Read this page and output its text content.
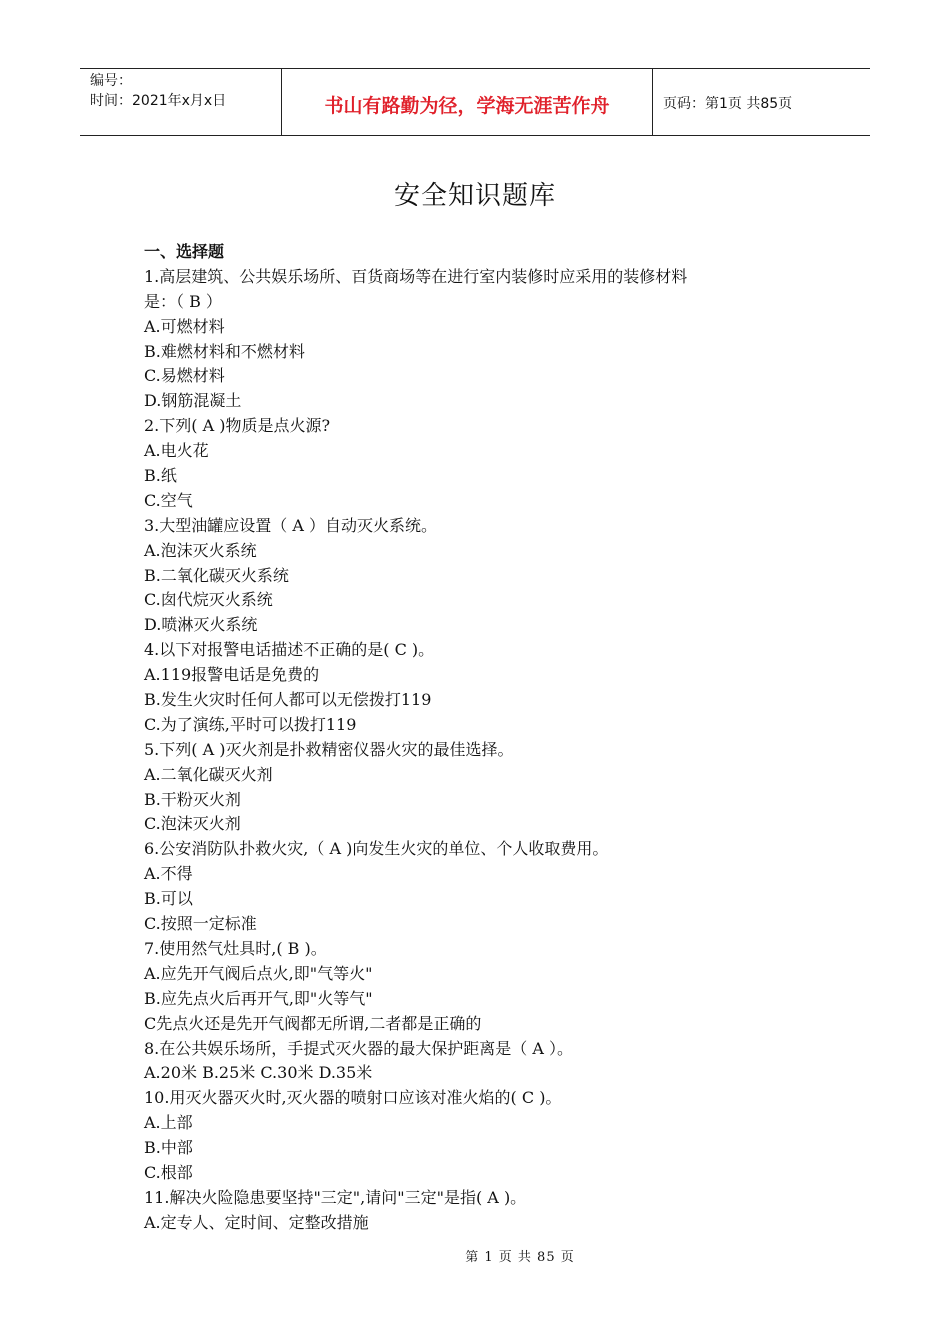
编号：
时间：2021年x月x日	书山有路勤为径，学海无涯苦作舟	页码：第1页 共85页
安全知识题库
一、选择题
1.高层建筑、公共娱乐场所、百货商场等在进行室内装修时应采用的装修材料
是：（ B ）
A.可燃材料
B.难燃材料和不燃材料
C.易燃材料
D.钢筋混凝土
2.下列( A )物质是点火源?
A.电火花
B.纸
C.空气
3.大型油罐应设置（ A ）自动灭火系统。
A.泡沫灭火系统
B.二氧化碳灭火系统
C.囱代烷灭火系统
D.喷淋灭火系统
4.以下对报警电话描述不正确的是( C )。
A.119报警电话是免费的
B.发生火灾时任何人都可以无偿拨打119
C.为了演练,平时可以拨打119
5.下列( A )灭火剂是扑救精密仪器火灾的最佳选择。
A.二氧化碳灭火剂
B.干粉灭火剂
C.泡沫灭火剂
6.公安消防队扑救火灾,（ A )向发生火灾的单位、个人收取费用。
A.不得
B.可以
C.按照一定标准
7.使用然气灶具时,( B )。
A.应先开气阀后点火,即"气等火"
B.应先点火后再开气,即"火等气"
C先点火还是先开气阀都无所谓,二者都是正确的
8.在公共娱乐场所，手提式灭火器的最大保护距离是（ A ）。
A.20米 B.25米 C.30米 D.35米
10.用灭火器灭火时,灭火器的喷射口应该对准火焰的( C )。
A.上部
B.中部
C.根部
11.解决火险隐患要坚持"三定",请问"三定"是指( A )。
A.定专人、定时间、定整改措施
第 1 页 共 85 页
